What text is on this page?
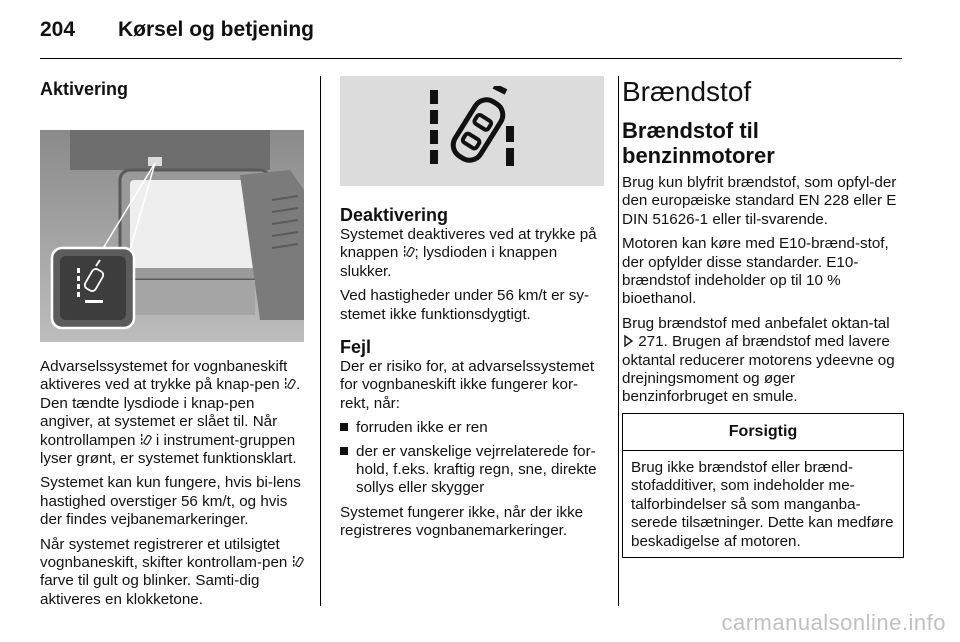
204 Kørsel og betjening
Aktivering

Advarselssystemet for vognbaneskift aktiveres ved at trykke på knap-pen . Den tændte lysdiode i knap-pen angiver, at systemet er slået til. Når kontrollampen  i instrument-gruppen lyser grønt, er systemet funktionsklart.

Systemet kan kun fungere, hvis bi-lens hastighed overstiger 56 km/t, og hvis der findes vejbanemarkeringer.

Når systemet registrerer et utilsigtet vognbaneskift, skifter kontrollam-pen  farve til gult og blinker. Samti-dig aktiveres en klokketone.

Deaktivering

Systemet deaktiveres ved at trykke på knappen ; lysdioden i knappen slukker.

Ved hastigheder under 56 km/t er sy-stemet ikke funktionsdygtigt.

Fejl

Der er risiko for, at advarselssystemet for vognbaneskift ikke fungerer kor-rekt, når:

forruden ikke er ren
der er vanskelige vejrrelaterede for-hold, f.eks. kraftig regn, sne, direkte sollys eller skygger

Systemet fungerer ikke, når der ikke registreres vognbanemarkeringer.

Brændstof
Brændstof til benzinmotorer

Brug kun blyfrit brændstof, som opfyl-der den europæiske standard EN 228 eller E DIN 51626-1 eller til-svarende.

Motoren kan køre med E10-brænd-stof, der opfylder disse standarder. E10-brændstof indeholder op til 10 % bioethanol.

Brug brændstof med anbefalet oktan-tal  271. Brugen af brændstof med lavere oktantal reducerer motorens ydeevne og drejningsmoment og øger benzinforbruget en smule.

Forsigtig

Brug ikke brændstof eller brænd-stofadditiver, som indeholder me-talforbindelser så som manganba-serede tilsætninger. Dette kan medføre beskadigelse af motoren.

carmanualsonline.info
